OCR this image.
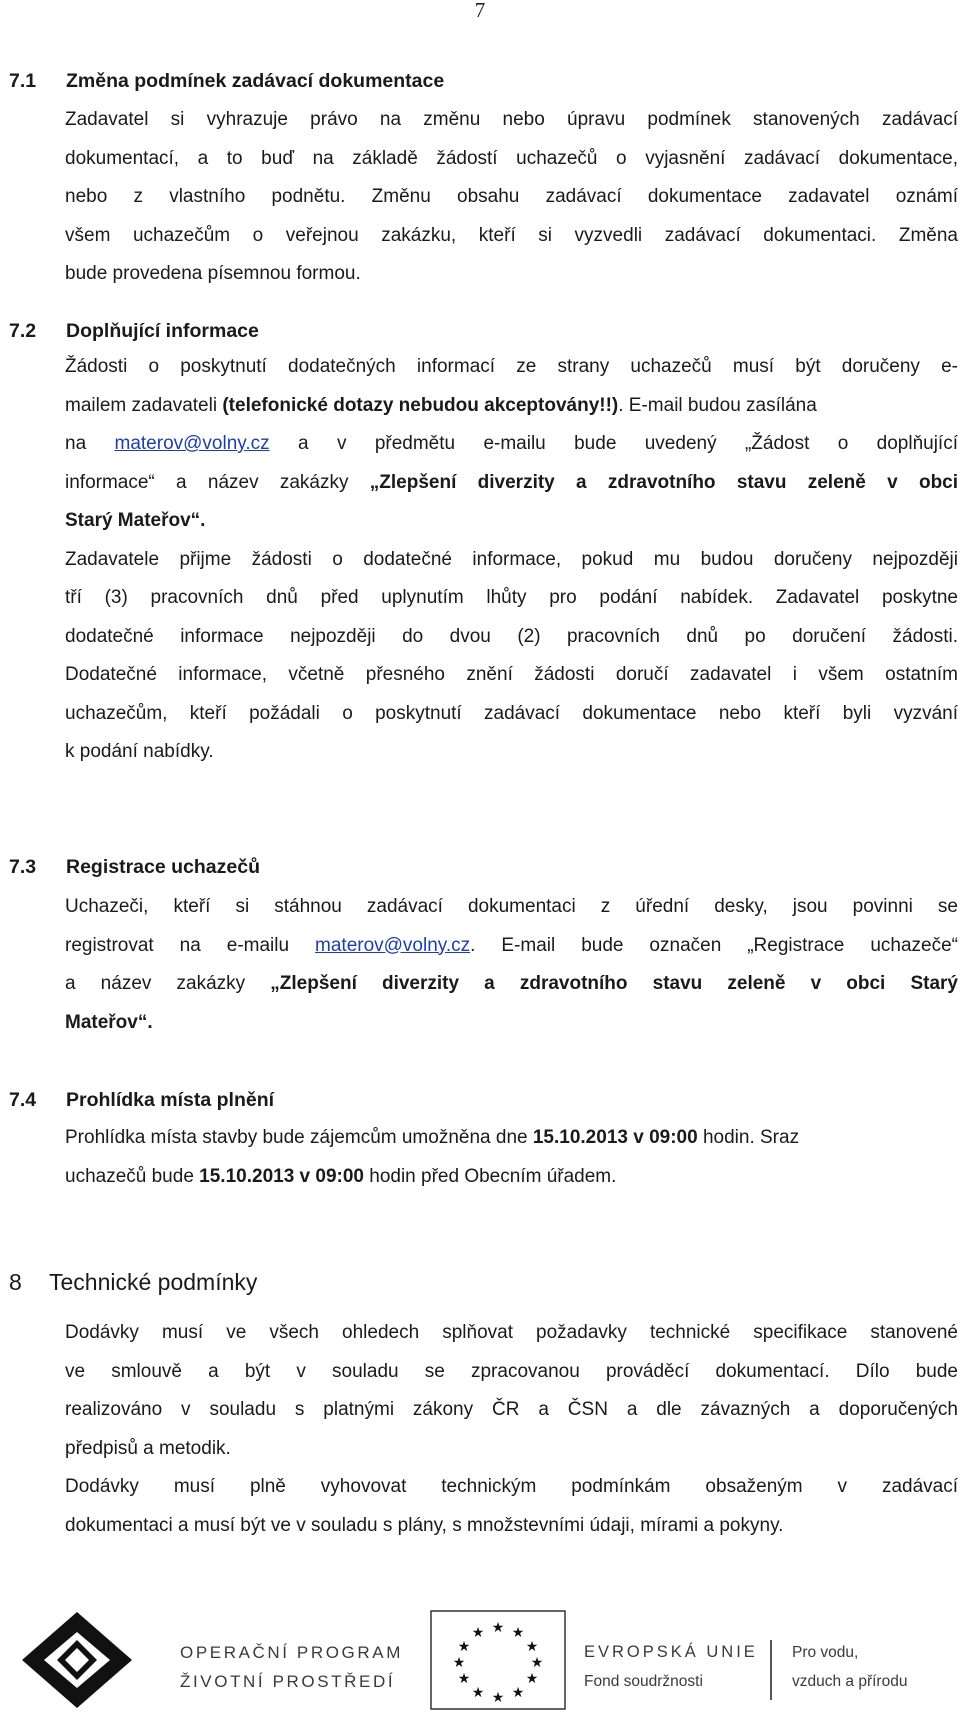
7
7.1 Změna podmínek zadávací dokumentace
Zadavatel si vyhrazuje právo na změnu nebo úpravu podmínek stanovených zadávací
dokumentací, a to buď na základě žádostí uchazečů o vyjasnění zadávací dokumentace,
nebo z vlastního podnětu. Změnu obsahu zadávací dokumentace zadavatel oznámí
všem uchazečům o veřejnou zakázku, kteří si vyzvedli zadávací dokumentaci. Změna
bude provedena písemnou formou.
7.2 Doplňující informace
Žádosti o poskytnutí dodatečných informací ze strany uchazečů musí být doručeny e-
mailem zadavateli (telefonické dotazy nebudou akceptovány!!). E-mail budou zasílána
na materov@volny.cz a v předmětu e-mailu bude uvedený „Žádost o doplňující
informace“ a název zakázky „Zlepšení diverzity a zdravotního stavu zeleně v obci
Starý Mateřov“.
Zadavatele přijme žádosti o dodatečné informace, pokud mu budou doručeny nejpozději
tří (3) pracovních dnů před uplynutím lhůty pro podání nabídek. Zadavatel poskytne
dodatečné informace nejpozději do dvou (2) pracovních dnů po doručení žádosti.
Dodatečné informace, včetně přesného znění žádosti doručí zadavatel i všem ostatním
uchazečům, kteří požádali o poskytnutí zadávací dokumentace nebo kteří byli vyzvání
k podání nabídky.
7.3 Registrace uchazečů
Uchazeči, kteří si stáhnou zadávací dokumentaci z úřední desky, jsou povinni se
registrovat na e-mailu materov@volny.cz. E-mail bude označen „Registrace uchazeče“
a název zakázky „Zlepšení diverzity a zdravotního stavu zeleně v obci Starý
Mateřov“.
7.4 Prohlídka místa plnění
Prohlídka místa stavby bude zájemcům umožněna dne 15.10.2013 v 09:00 hodin. Sraz
uchazečů bude 15.10.2013 v 09:00 hodin před Obecním úřadem.
8 Technické podmínky
Dodávky musí ve všech ohledech splňovat požadavky technické specifikace stanovené
ve smlouvě a být v souladu se zpracovanou prováděcí dokumentací. Dílo bude
realizováno v souladu s platnými zákony ČR a ČSN a dle závazných a doporučených
předpisů a metodik.
Dodávky musí plně vyhovovat technickým podmínkám obsaženým v zadávací
dokumentaci a musí být ve v souladu s plány, s množstevními údaji, mírami a pokyny.
OPERAČNÍ PROGRAM
ŽIVOTNÍ PROSTŘEDÍ
★ ★
★
★
★
★
★
★
★
★
★
★
EVROPSKÁ UNIE
Fond soudržnosti
Pro vodu,
vzduch a přírodu
